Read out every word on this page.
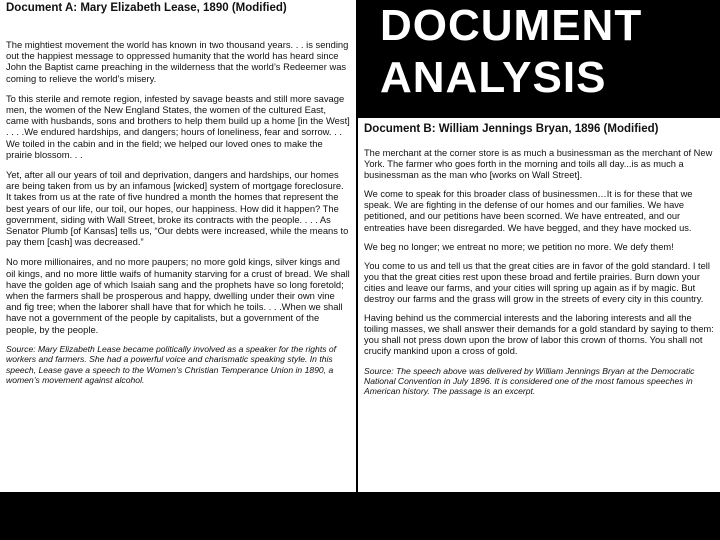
Document A: Mary Elizabeth Lease, 1890 (Modified)

The mightiest movement the world has known in two thousand years. . . is sending out the happiest message to oppressed humanity that the world has heard since John the Baptist came preaching in the wilderness that the world’s Redeemer was coming to relieve the world’s misery.

To this sterile and remote region, infested by savage beasts and still more savage men, the women of the New England States, the women of the cultured East, came with husbands, sons and brothers to help them build up a home [in the West] . . . .We endured hardships, and dangers; hours of loneliness, fear and sorrow. . . We toiled in the cabin and in the field; we helped our loved ones to make the prairie blossom. . .

Yet, after all our years of toil and deprivation, dangers and hardships, our homes are being taken from us by an infamous [wicked] system of mortgage foreclosure. It takes from us at the rate of five hundred a month the homes that represent the best years of our life, our toil, our hopes, our happiness. How did it happen? The government, siding with Wall Street, broke its contracts with the people. . . . As Senator Plumb [of Kansas] tells us, “Our debts were increased, while the means to pay them [cash] was decreased.”

No more millionaires, and no more paupers; no more gold kings, silver kings and oil kings, and no more little waifs of humanity starving for a crust of bread. We shall have the golden age of which Isaiah sang and the prophets have so long foretold; when the farmers shall be prosperous and happy, dwelling under their own vine and fig tree; when the laborer shall have that for which he toils. . . .When we shall have not a government of the people by capitalists, but a government of the people, by the people.

Source: Mary Elizabeth Lease became politically involved as a speaker for the rights of workers and farmers. She had a powerful voice and charismatic speaking style. In this speech, Lease gave a speech to the Women’s Christian Temperance Union in 1890, a women’s movement against alcohol.

DOCUMENT
ANALYSIS

Document B: William Jennings Bryan, 1896 (Modified)

The merchant at the corner store is as much a businessman as the merchant of New York. The farmer who goes forth in the morning and toils all day...is as much a businessman as the man who [works on Wall Street].

We come to speak for this broader class of businessmen…It is for these that we speak. We are fighting in the defense of our homes and our families. We have petitioned, and our petitions have been scorned. We have entreated, and our entreaties have been disregarded. We have begged, and they have mocked us.

We beg no longer; we entreat no more; we petition no more. We defy them!

You come to us and tell us that the great cities are in favor of the gold standard. I tell you that the great cities rest upon these broad and fertile prairies. Burn down your cities and leave our farms, and your cities will spring up again as if by magic. But destroy our farms and the grass will grow in the streets of every city in this country.

Having behind us the commercial interests and the laboring interests and all the toiling masses, we shall answer their demands for a gold standard by saying to them: you shall not press down upon the brow of labor this crown of thorns. You shall not crucify mankind upon a cross of gold.

Source: The speech above was delivered by William Jennings Bryan at the Democratic National Convention in July 1896. It is considered one of the most famous speeches in American history. The passage is an excerpt.
